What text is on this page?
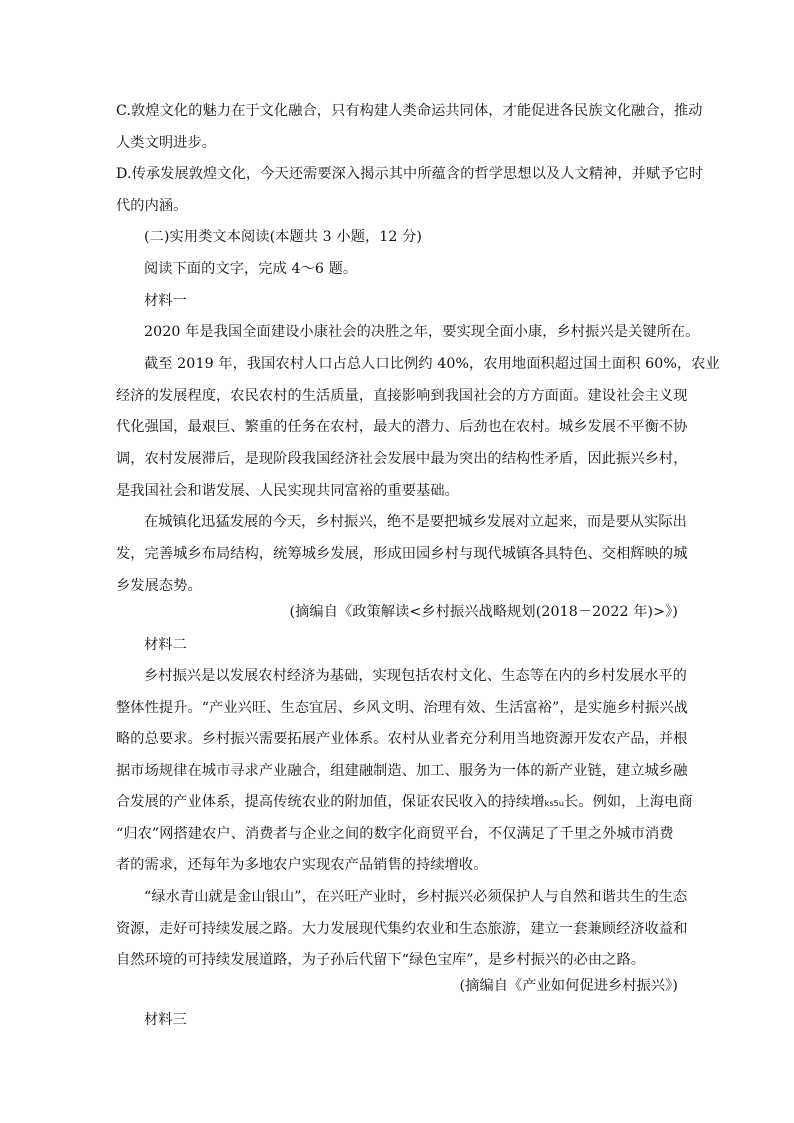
C.敦煌文化的魅力在于文化融合，只有构建人类命运共同体，才能促进各民族文化融合，推动
人类文明进步。
D.传承发展敦煌文化，今天还需要深入揭示其中所蕴含的哲学思想以及人文精神，并赋予它时
代的内涵。
(二)实用类文本阅读(本题共 3 小题，12 分)
阅读下面的文字，完成 4～6 题。
材料一
2020 年是我国全面建设小康社会的决胜之年，要实现全面小康，乡村振兴是关键所在。
截至 2019 年，我国农村人口占总人口比例约 40%，农用地面积超过国土面积 60%，农业
经济的发展程度，农民农村的生活质量，直接影响到我国社会的方方面面。建设社会主义现
代化强国，最艰巨、繁重的任务在农村，最大的潜力、后劲也在农村。城乡发展不平衡不协
调，农村发展滞后，是现阶段我国经济社会发展中最为突出的结构性矛盾，因此振兴乡村，
是我国社会和谐发展、人民实现共同富裕的重要基础。
在城镇化迅猛发展的今天，乡村振兴，绝不是要把城乡发展对立起来，而是要从实际出
发，完善城乡布局结构，统筹城乡发展，形成田园乡村与现代城镇各具特色、交相辉映的城
乡发展态势。
(摘编自《政策解读<乡村振兴战略规划(2018－2022 年)>》)
材料二
乡村振兴是以发展农村经济为基础，实现包括农村文化、生态等在内的乡村发展水平的
整体性提升。“产业兴旺、生态宜居、乡风文明、治理有效、生活富裕”，是实施乡村振兴战
略的总要求。乡村振兴需要拓展产业体系。农村从业者充分利用当地资源开发农产品，并根
据市场规律在城市寻求产业融合，组建融制造、加工、服务为一体的新产业链，建立城乡融
合发展的产业体系，提高传统农业的附加值，保证农民收入的持续增ks5u长。例如，上海电商
“归农”网搭建农户、消费者与企业之间的数字化商贸平台，不仅满足了千里之外城市消费
者的需求，还每年为多地农户实现农产品销售的持续增收。
“绿水青山就是金山银山”，在兴旺产业时，乡村振兴必须保护人与自然和谐共生的生态
资源，走好可持续发展之路。大力发展现代集约农业和生态旅游，建立一套兼顾经济收益和
自然环境的可持续发展道路，为子孙后代留下“绿色宝库”，是乡村振兴的必由之路。
(摘编自《产业如何促进乡村振兴》)
材料三
